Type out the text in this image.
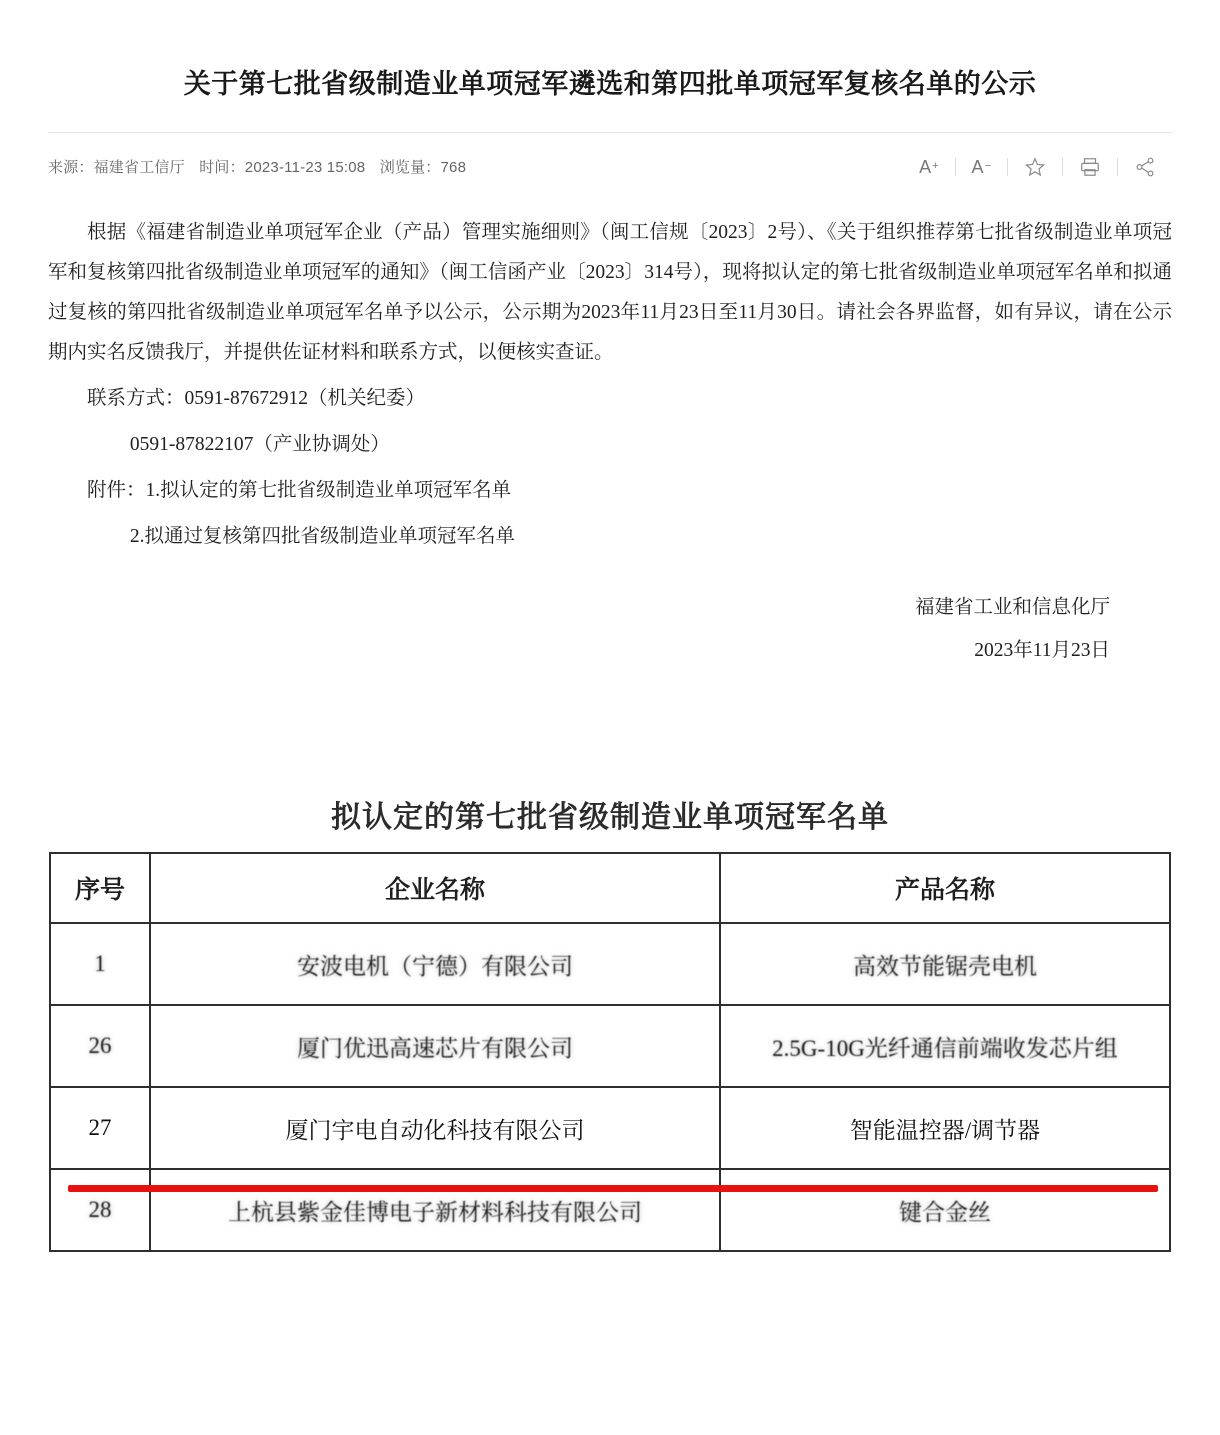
关于第七批省级制造业单项冠军遴选和第四批单项冠军复核名单的公示
来源：福建省工信厅 时间：2023-11-23 15:08 浏览量：768	A + A −

根据《福建省制造业单项冠军企业（产品）管理实施细则》（闽工信规〔2023〕2号）、《关于组织推荐第七批省级制造业单项冠军和复核第四批省级制造业单项冠军的通知》（闽工信函产业〔2023〕314号），现将拟认定的第七批省级制造业单项冠军名单和拟通过复核的第四批省级制造业单项冠军名单予以公示，公示期为2023年11月23日至11月30日。请社会各界监督，如有异议，请在公示期内实名反馈我厅，并提供佐证材料和联系方式，以便核实查证。

联系方式：0591-87672912（机关纪委）

0591-87822107（产业协调处）

附件：1.拟认定的第七批省级制造业单项冠军名单

2.拟通过复核第四批省级制造业单项冠军名单

福建省工业和信息化厅
2023年11月23日
拟认定的第七批省级制造业单项冠军名单
序号	企业名称	产品名称
1	安波电机（宁德）有限公司	高效节能锯壳电机
26	厦门优迅高速芯片有限公司	2.5G-10G光纤通信前端收发芯片组
27	厦门宇电自动化科技有限公司	智能温控器/调节器
28	上杭县紫金佳博电子新材料科技有限公司	键合金丝
